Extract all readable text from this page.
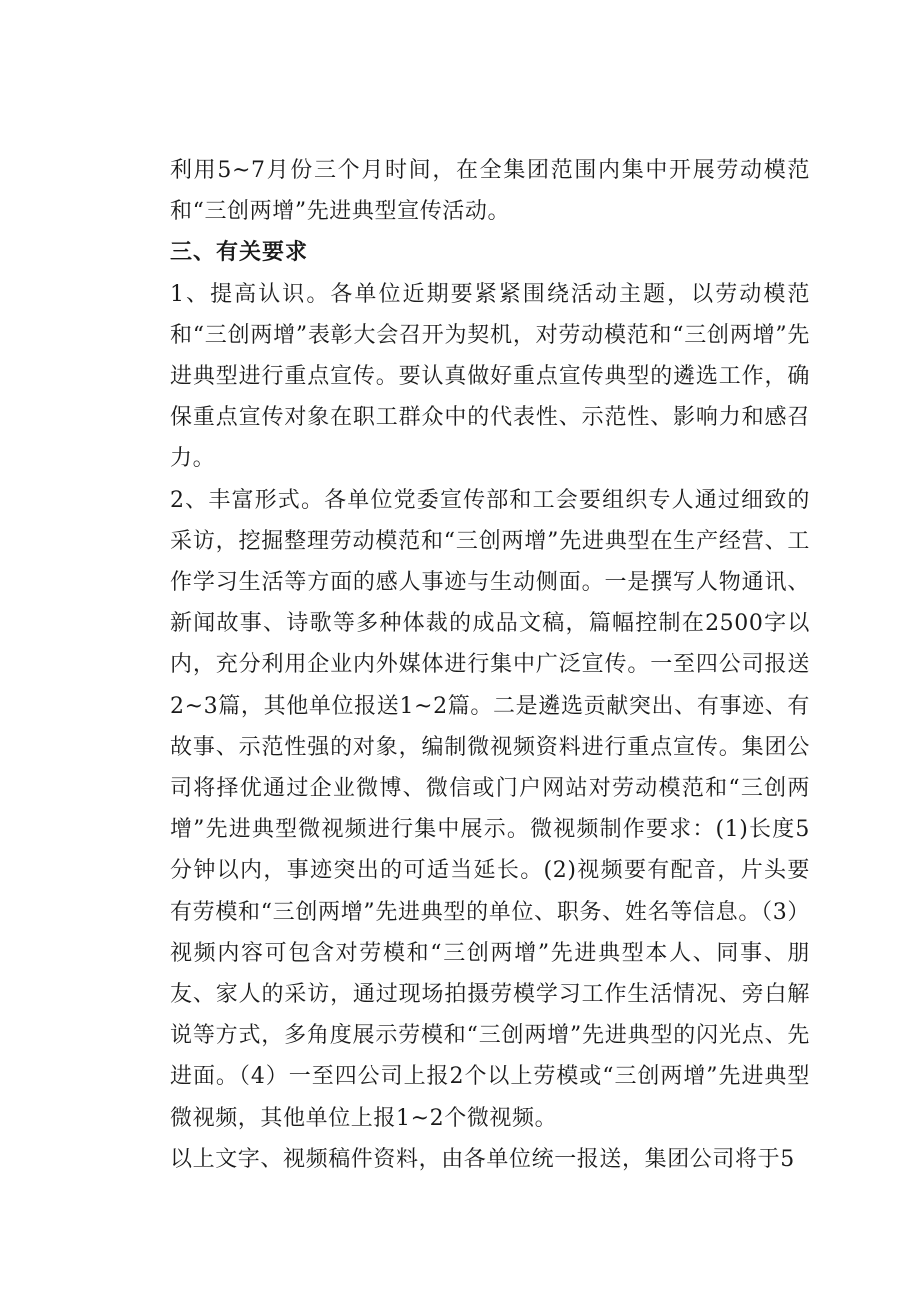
利用5~7月份三个月时间，在全集团范围内集中开展劳动模范和“三创两增”先进典型宣传活动。

三、有关要求

1、提高认识。各单位近期要紧紧围绕活动主题，以劳动模范和“三创两增”表彰大会召开为契机，对劳动模范和“三创两增”先进典型进行重点宣传。要认真做好重点宣传典型的遴选工作，确保重点宣传对象在职工群众中的代表性、示范性、影响力和感召力。

2、丰富形式。各单位党委宣传部和工会要组织专人通过细致的采访，挖掘整理劳动模范和“三创两增”先进典型在生产经营、工作学习生活等方面的感人事迹与生动侧面。一是撰写人物通讯、新闻故事、诗歌等多种体裁的成品文稿，篇幅控制在2500字以内，充分利用企业内外媒体进行集中广泛宣传。一至四公司报送2~3篇，其他单位报送1~2篇。二是遴选贡献突出、有事迹、有故事、示范性强的对象，编制微视频资料进行重点宣传。集团公司将择优通过企业微博、微信或门户网站对劳动模范和“三创两增”先进典型微视频进行集中展示。微视频制作要求：(1)长度5分钟以内，事迹突出的可适当延长。(2)视频要有配音，片头要有劳模和“三创两增”先进典型的单位、职务、姓名等信息。（3）视频内容可包含对劳模和“三创两增”先进典型本人、同事、朋友、家人的采访，通过现场拍摄劳模学习工作生活情况、旁白解说等方式，多角度展示劳模和“三创两增”先进典型的闪光点、先进面。（4）一至四公司上报2个以上劳模或“三创两增”先进典型微视频，其他单位上报1~2个微视频。

以上文字、视频稿件资料，由各单位统一报送，集团公司将于5
